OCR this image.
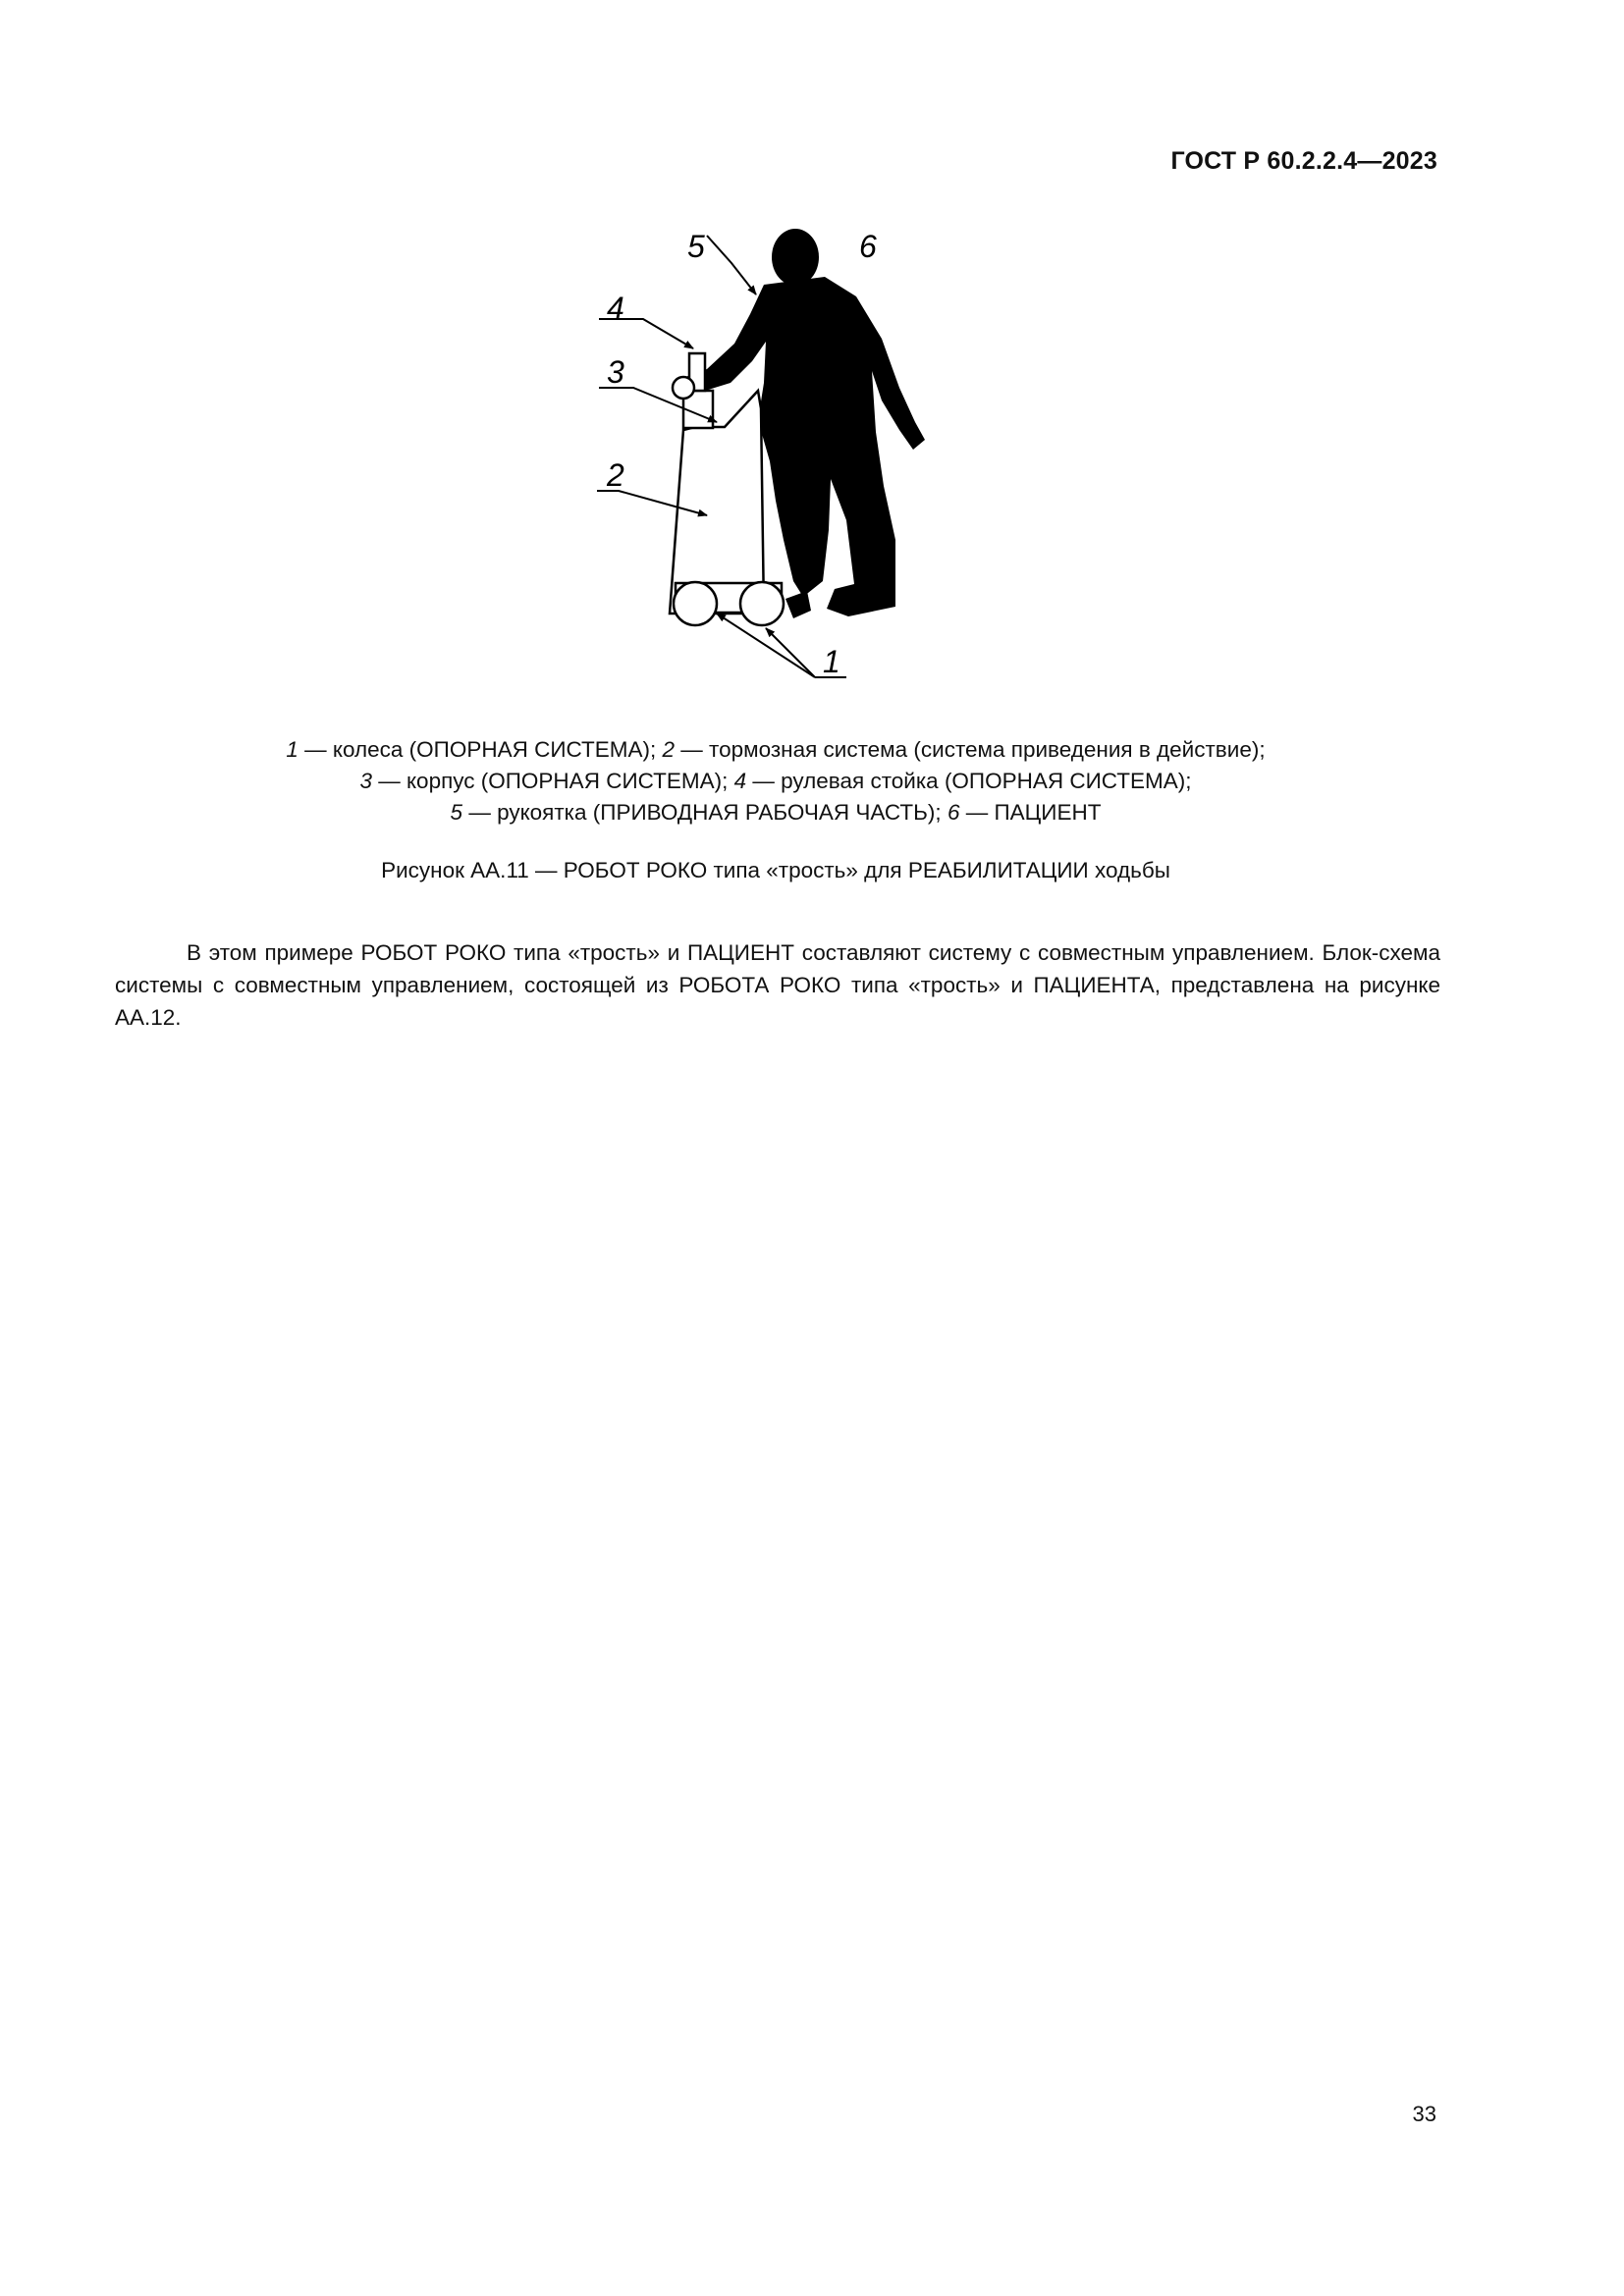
ГОСТ Р 60.2.2.4—2023
5	6
4
3
2
1
1 — колеса (ОПОРНАЯ СИСТЕМА); 2 — тормозная система (система приведения в действие);
3 — корпус (ОПОРНАЯ СИСТЕМА); 4 — рулевая стойка (ОПОРНАЯ СИСТЕМА);
5 — рукоятка (ПРИВОДНАЯ РАБОЧАЯ ЧАСТЬ); 6 — ПАЦИЕНТ
Рисунок АА.11 — РОБОТ РОКО типа «трость» для РЕАБИЛИТАЦИИ ходьбы

В этом примере РОБОТ РОКО типа «трость» и ПАЦИЕНТ составляют систему с совместным управлением. Блок-схема системы с совместным управлением, состоящей из РОБОТА РОКО типа «трость» и ПАЦИЕНТА, представлена на рисунке АА.12.

33
